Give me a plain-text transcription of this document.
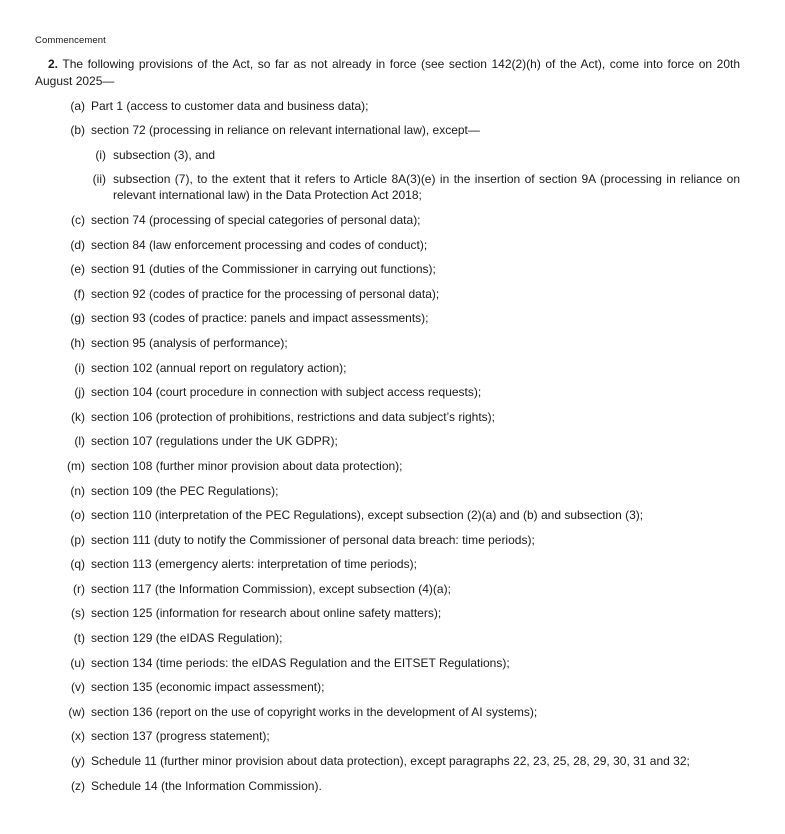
Commencement

2. The following provisions of the Act, so far as not already in force (see section 142(2)(h) of the Act), come into force on 20th August 2025—

(a) Part 1 (access to customer data and business data);
(b) section 72 (processing in reliance on relevant international law), except—
(i) subsection (3), and
(ii) subsection (7), to the extent that it refers to Article 8A(3)(e) in the insertion of section 9A (processing in reliance on relevant international law) in the Data Protection Act 2018;
(c) section 74 (processing of special categories of personal data);
(d) section 84 (law enforcement processing and codes of conduct);
(e) section 91 (duties of the Commissioner in carrying out functions);
(f) section 92 (codes of practice for the processing of personal data);
(g) section 93 (codes of practice: panels and impact assessments);
(h) section 95 (analysis of performance);
(i) section 102 (annual report on regulatory action);
(j) section 104 (court procedure in connection with subject access requests);
(k) section 106 (protection of prohibitions, restrictions and data subject’s rights);
(l) section 107 (regulations under the UK GDPR);
(m) section 108 (further minor provision about data protection);
(n) section 109 (the PEC Regulations);
(o) section 110 (interpretation of the PEC Regulations), except subsection (2)(a) and (b) and subsection (3);
(p) section 111 (duty to notify the Commissioner of personal data breach: time periods);
(q) section 113 (emergency alerts: interpretation of time periods);
(r) section 117 (the Information Commission), except subsection (4)(a);
(s) section 125 (information for research about online safety matters);
(t) section 129 (the eIDAS Regulation);
(u) section 134 (time periods: the eIDAS Regulation and the EITSET Regulations);
(v) section 135 (economic impact assessment);
(w) section 136 (report on the use of copyright works in the development of AI systems);
(x) section 137 (progress statement);
(y) Schedule 11 (further minor provision about data protection), except paragraphs 22, 23, 25, 28, 29, 30, 31 and 32;
(z) Schedule 14 (the Information Commission).
